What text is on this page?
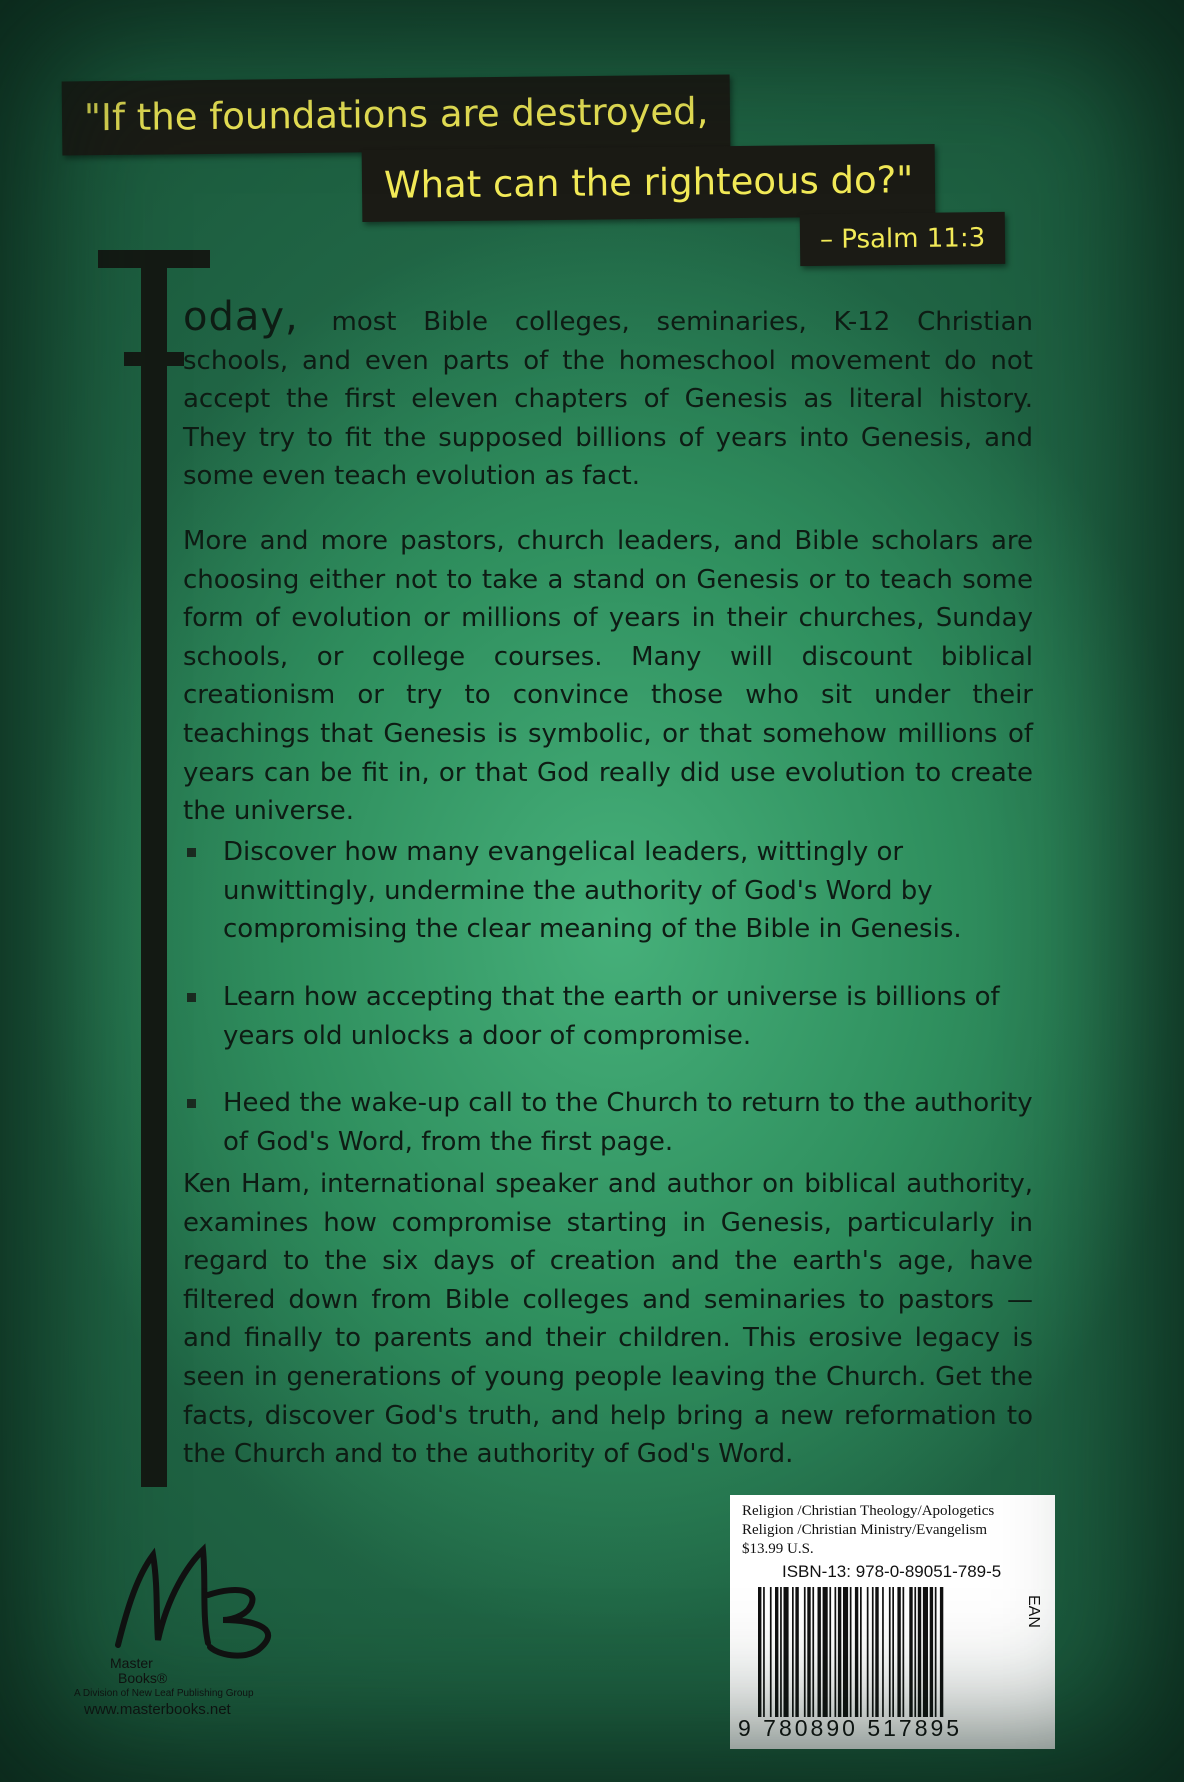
"If the foundations are destroyed,
What can the righteous do?"
– Psalm 11:3
oday, most Bible colleges, seminaries, K-12 Christian schools, and even parts of the homeschool movement do not accept the first eleven chapters of Genesis as literal history. They try to fit the supposed billions of years into Genesis, and some even teach evolution as fact.
More and more pastors, church leaders, and Bible scholars are choosing either not to take a stand on Genesis or to teach some form of evolution or millions of years in their churches, Sunday schools, or college courses. Many will discount biblical creationism or try to convince those who sit under their teachings that Genesis is symbolic, or that somehow millions of years can be fit in, or that God really did use evolution to create the universe.
Discover how many evangelical leaders, wittingly or unwittingly, undermine the authority of God's Word by compromising the clear meaning of the Bible in Genesis.
Learn how accepting that the earth or universe is billions of years old unlocks a door of compromise.
Heed the wake-up call to the Church to return to the authority of God's Word, from the first page.
Ken Ham, international speaker and author on biblical authority, examines how compromise starting in Genesis, particularly in regard to the six days of creation and the earth's age, have filtered down from Bible colleges and seminaries to pastors —and finally to parents and their children. This erosive legacy is seen in generations of young people leaving the Church. Get the facts, discover God's truth, and help bring a new reformation to the Church and to the authority of God's Word.
Master
Books®
A Division of New Leaf Publishing Group
www.masterbooks.net
Religion /Christian Theology/Apologetics
Religion /Christian Ministry/Evangelism
$13.99 U.S.
ISBN-13: 978-0-89051-789-5
EAN
9 780890 517895
